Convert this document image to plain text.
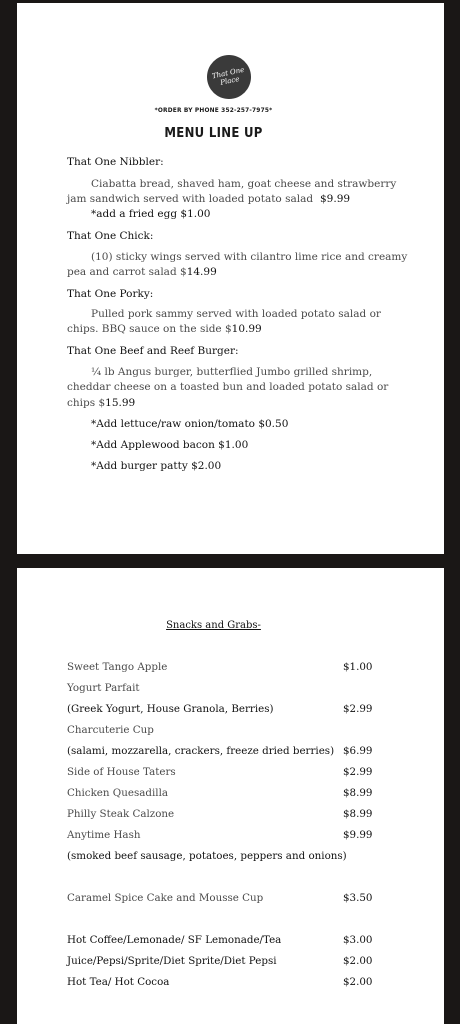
That One Place
*ORDER BY PHONE 352-257-7975*
MENU LINE UP
That One Nibbler:
Ciabatta bread, shaved ham, goat cheese and strawberry
jam sandwich served with loaded potato salad $9.99
*add a fried egg $1.00
That One Chick:
(10) sticky wings served with cilantro lime rice and creamy
pea and carrot salad $14.99
That One Porky:
Pulled pork sammy served with loaded potato salad or
chips. BBQ sauce on the side $10.99
That One Beef and Reef Burger:
¼ lb Angus burger, butterflied Jumbo grilled shrimp,
cheddar cheese on a toasted bun and loaded potato salad or
chips $15.99
*Add lettuce/raw onion/tomato $0.50
*Add Applewood bacon $1.00
*Add burger patty $2.00
Snacks and Grabs-
Sweet Tango Apple	$1.00
Yogurt Parfait
(Greek Yogurt, House Granola, Berries)	$2.99
Charcuterie Cup
(salami, mozzarella, crackers, freeze dried berries) $6.99
Side of House Taters	$2.99
Chicken Quesadilla	$8.99
Philly Steak Calzone	$8.99
Anytime Hash	$9.99
(smoked beef sausage, potatoes, peppers and onions)
Caramel Spice Cake and Mousse Cup	$3.50
Hot Coffee/Lemonade/ SF Lemonade/Tea	$3.00
Juice/Pepsi/Sprite/Diet Sprite/Diet Pepsi	$2.00
Hot Tea/ Hot Cocoa	$2.00
